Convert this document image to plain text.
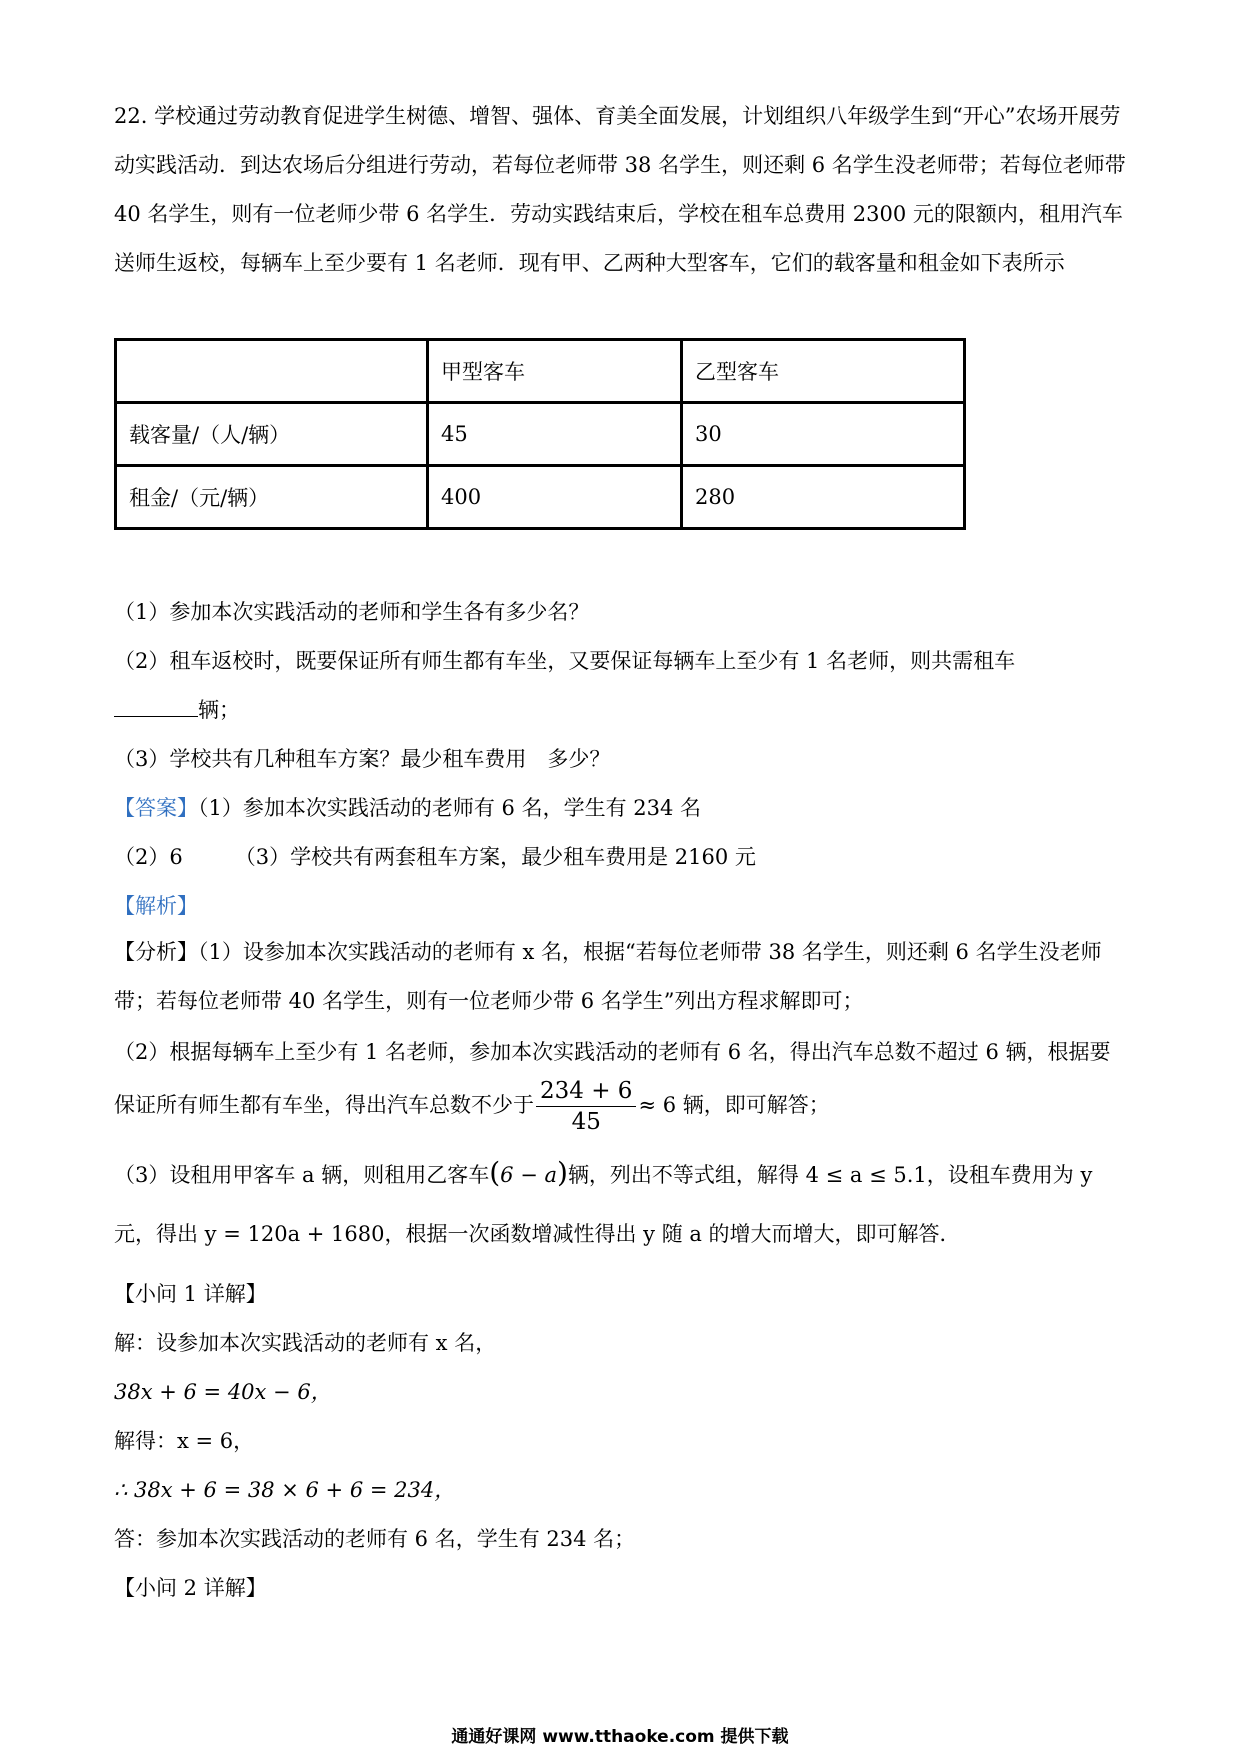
22. 学校通过劳动教育促进学生树德、增智、强体、育美全面发展，计划组织八年级学生到“开心”农场开展劳动实践活动．到达农场后分组进行劳动，若每位老师带 38 名学生，则还剩 6 名学生没老师带；若每位老师带 40 名学生，则有一位老师少带 6 名学生．劳动实践结束后，学校在租车总费用 2300 元的限额内，租用汽车送师生返校，每辆车上至少要有 1 名老师．现有甲、乙两种大型客车，它们的载客量和租金如下表所示

	甲型客车	乙型客车
载客量/（人/辆）	45	30
租金/（元/辆）	400	280

（1）参加本次实践活动的老师和学生各有多少名？

（2）租车返校时，既要保证所有师生都有车坐，又要保证每辆车上至少有 1 名老师，则共需租车

辆；

（3）学校共有几种租车方案？最少租车费用　多少？

【答案】（1）参加本次实践活动的老师有 6 名，学生有 234 名

（2）6 （3）学校共有两套租车方案，最少租车费用是 2160 元

【解析】

【分析】（1）设参加本次实践活动的老师有 x 名，根据“若每位老师带 38 名学生，则还剩 6 名学生没老师带；若每位老师带 40 名学生，则有一位老师少带 6 名学生”列出方程求解即可；

（2）根据每辆车上至少有 1 名老师，参加本次实践活动的老师有 6 名，得出汽车总数不超过 6 辆，根据要

保证所有师生都有车坐，得出汽车总数不少于 $\frac{234 + 6}{45} \approx 6$ 辆，即可解答；

（3）设租用甲客车 a 辆，则租用乙客车(6 − a)辆，列出不等式组，解得 4 ≤ a ≤ 5.1，设租车费用为 y

元，得出 y = 120a + 1680，根据一次函数增减性得出 y 随 a 的增大而增大，即可解答．

【小问 1 详解】

解：设参加本次实践活动的老师有 x 名，

38x + 6 = 40x − 6，

解得：x = 6，

∴ 38x + 6 = 38 × 6 + 6 = 234，

答：参加本次实践活动的老师有 6 名，学生有 234 名；

【小问 2 详解】

通通好课网 www.tthaoke.com 提供下载
